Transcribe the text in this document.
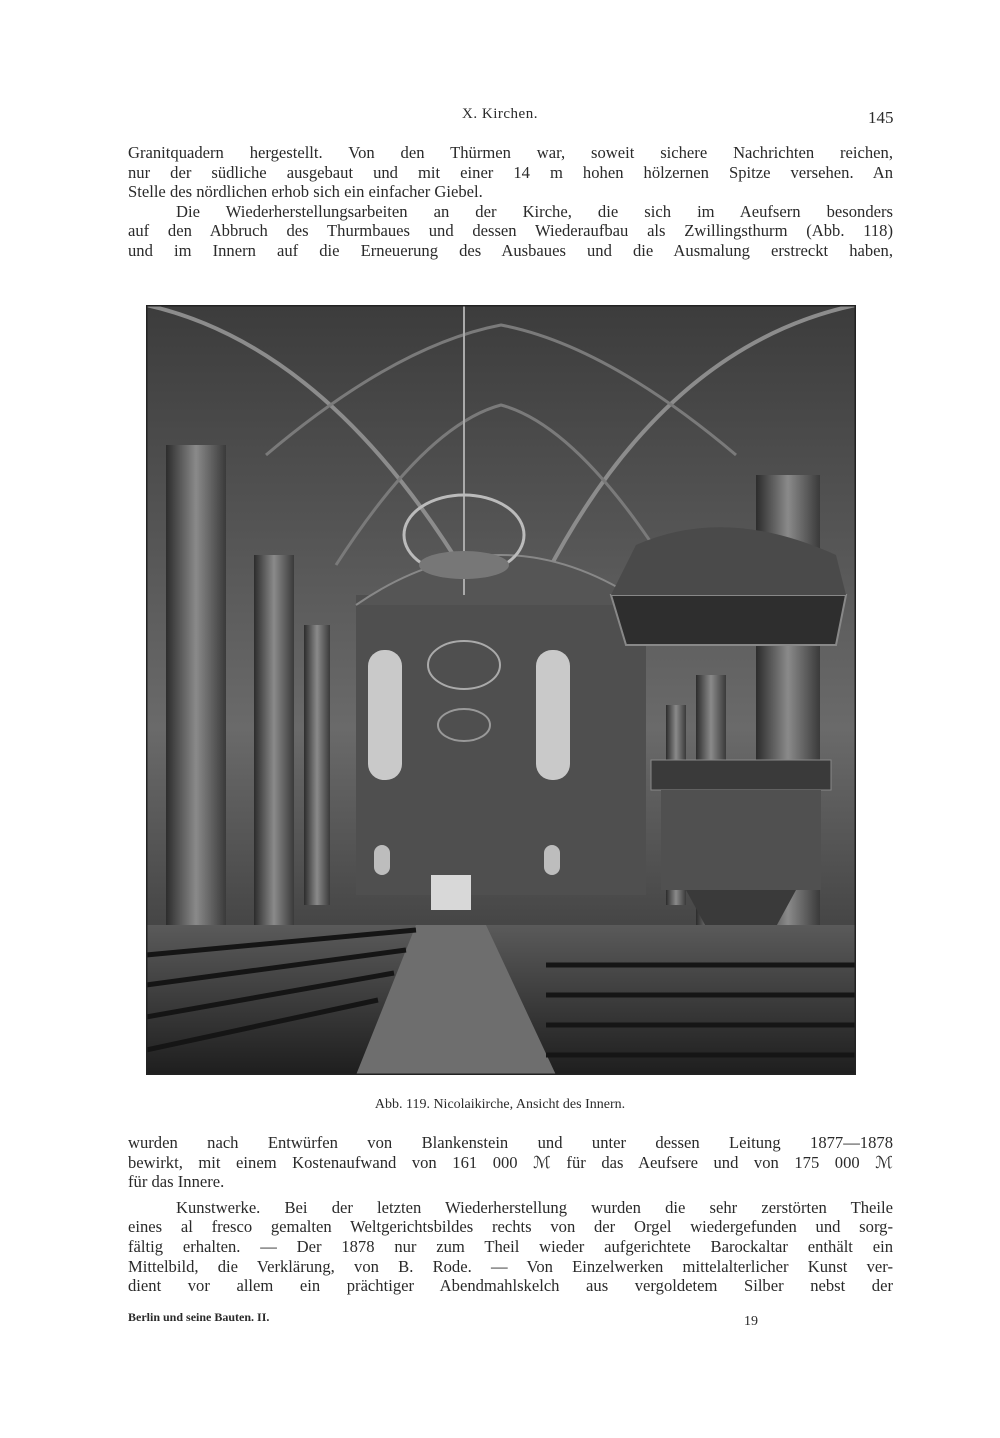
X. Kirchen.	145

Granitquadern hergestellt. Von den Thürmen war, soweit sichere Nachrichten reichen,
nur der südliche ausgebaut und mit einer 14 m hohen hölzernen Spitze versehen. An
Stelle des nördlichen erhob sich ein einfacher Giebel.

Die Wiederherstellungsarbeiten an der Kirche, die sich im Aeufsern besonders
auf den Abbruch des Thurmbaues und dessen Wiederaufbau als Zwillingsthurm (Abb. 118)
und im Innern auf die Erneuerung des Ausbaues und die Ausmalung erstreckt haben,

Abb. 119. Nicolaikirche, Ansicht des Innern.

wurden nach Entwürfen von Blankenstein und unter dessen Leitung 1877—1878
bewirkt, mit einem Kostenaufwand von 161 000 ℳ für das Aeufsere und von 175 000 ℳ
für das Innere.

Kunstwerke. Bei der letzten Wiederherstellung wurden die sehr zerstörten Theile
eines al fresco gemalten Weltgerichtsbildes rechts von der Orgel wiedergefunden und sorg-
fältig erhalten. — Der 1878 nur zum Theil wieder aufgerichtete Barockaltar enthält ein
Mittelbild, die Verklärung, von B. Rode. — Von Einzelwerken mittelalterlicher Kunst ver-
dient vor allem ein prächtiger Abendmahlskelch aus vergoldetem Silber nebst der

Berlin und seine Bauten. II.	19
